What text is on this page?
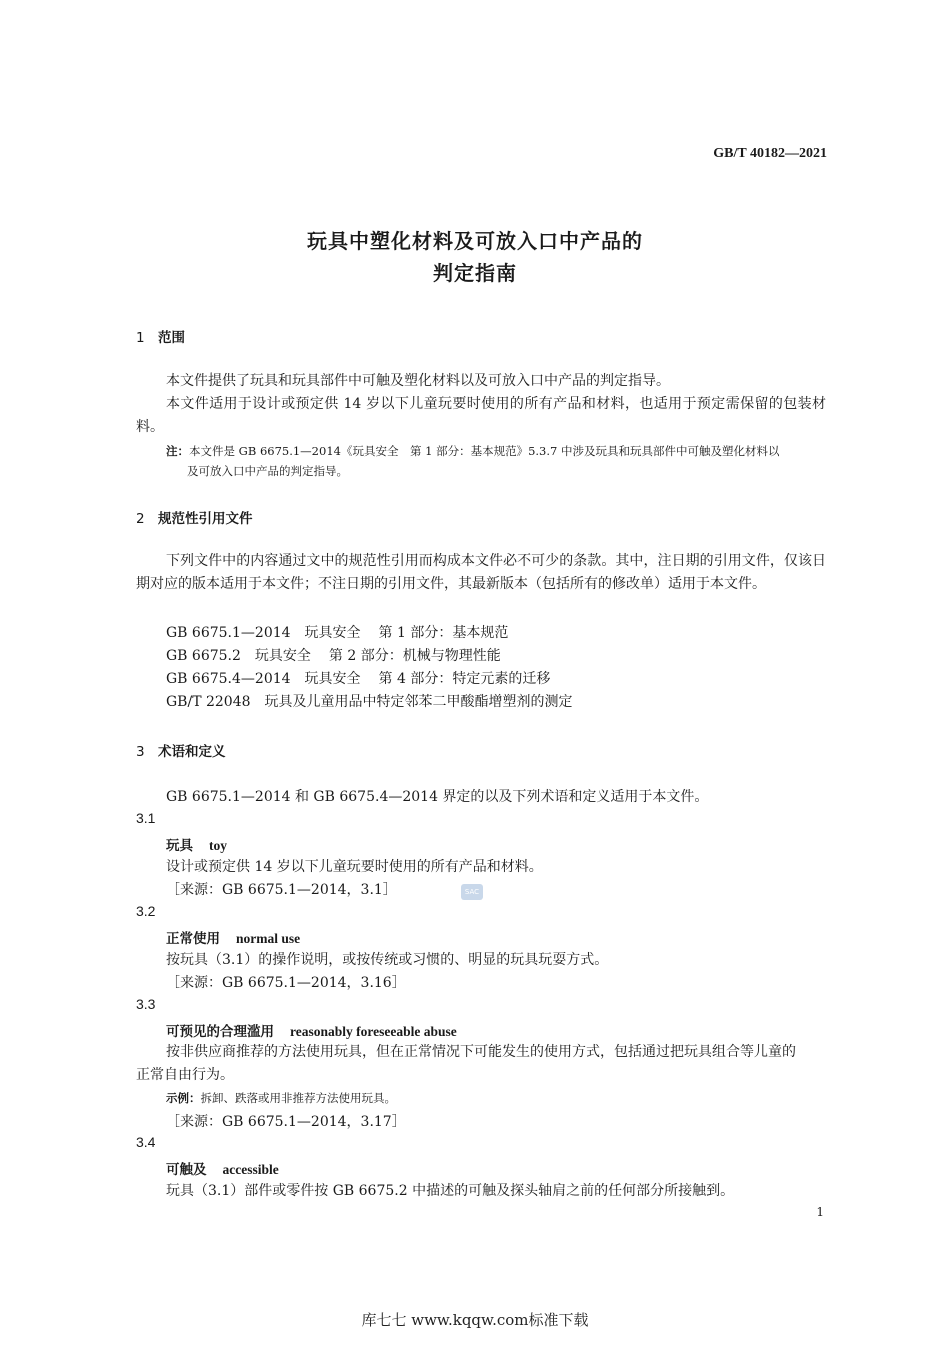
GB/T 40182—2021
玩具中塑化材料及可放入口中产品的
判定指南
1 范围
本文件提供了玩具和玩具部件中可触及塑化材料以及可放入口中产品的判定指导。
本文件适用于设计或预定供 14 岁以下儿童玩要时使用的所有产品和材料，也适用于预定需保留的包装材料。
注：本文件是 GB 6675.1—2014《玩具安全　第 1 部分：基本规范》5.3.7 中涉及玩具和玩具部件中可触及塑化材料以
及可放入口中产品的判定指导。
2 规范性引用文件
下列文件中的内容通过文中的规范性引用而构成本文件必不可少的条款。其中，注日期的引用文件，仅该日期对应的版本适用于本文件；不注日期的引用文件，其最新版本（包括所有的修改单）适用于本文件。
GB 6675.1—2014 玩具安全 第 1 部分：基本规范
GB 6675.2 玩具安全 第 2 部分：机械与物理性能
GB 6675.4—2014 玩具安全 第 4 部分：特定元素的迁移
GB/T 22048 玩具及儿童用品中特定邻苯二甲酸酯增塑剂的测定
3 术语和定义
GB 6675.1—2014 和 GB 6675.4—2014 界定的以及下列术语和定义适用于本文件。
3.1
玩具 toy
设计或预定供 14 岁以下儿童玩要时使用的所有产品和材料。
［来源：GB 6675.1—2014，3.1］	SAC
3.2
正常使用 normal use
按玩具（3.1）的操作说明，或按传统或习惯的、明显的玩具玩耍方式。
［来源：GB 6675.1—2014，3.16］
3.3
可预见的合理滥用 reasonably foreseeable abuse
按非供应商推荐的方法使用玩具，但在正常情况下可能发生的使用方式，包括通过把玩具组合等儿童的正常自由行为。
示例：拆卸、跌落或用非推荐方法使用玩具。
［来源：GB 6675.1—2014，3.17］
3.4
可触及 accessible
玩具（3.1）部件或零件按 GB 6675.2 中描述的可触及探头轴肩之前的任何部分所接触到。
1
库七七 www.kqqw.com标准下载
